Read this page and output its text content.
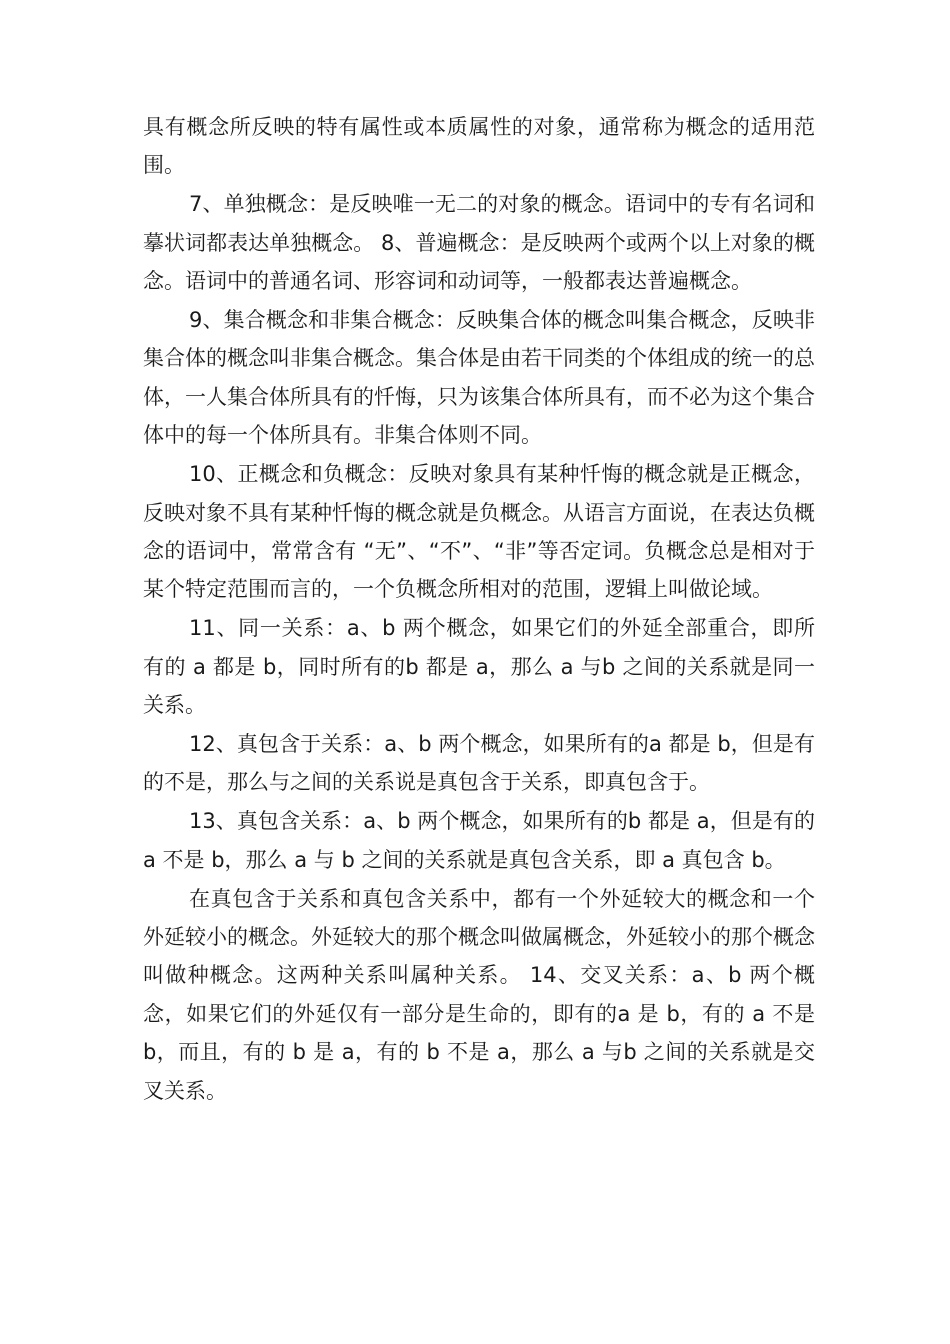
具有概念所反映的特有属性或本质属性的对象，通常称为概念的适用范围。

7、单独概念：是反映唯一无二的对象的概念。语词中的专有名词和摹状词都表达单独概念。 8、普遍概念：是反映两个或两个以上对象的概念。语词中的普通名词、形容词和动词等，一般都表达普遍概念。

9、集合概念和非集合概念：反映集合体的概念叫集合概念，反映非集合体的概念叫非集合概念。集合体是由若干同类的个体组成的统一的总体，一人集合体所具有的忏悔，只为该集合体所具有，而不必为这个集合体中的每一个体所具有。非集合体则不同。

10、正概念和负概念：反映对象具有某种忏悔的概念就是正概念，反映对象不具有某种忏悔的概念就是负概念。从语言方面说，在表达负概念的语词中，常常含有 “无”、“不”、“非”等否定词。负概念总是相对于某个特定范围而言的，一个负概念所相对的范围，逻辑上叫做论域。

11、同一关系：a、b 两个概念，如果它们的外延全部重合，即所有的 a 都是 b，同时所有的b 都是 a，那么 a 与b 之间的关系就是同一关系。

12、真包含于关系：a、b 两个概念，如果所有的a 都是 b，但是有的不是，那么与之间的关系说是真包含于关系，即真包含于。

13、真包含关系：a、b 两个概念，如果所有的b 都是 a，但是有的 a 不是 b，那么 a 与 b 之间的关系就是真包含关系，即 a 真包含 b。

在真包含于关系和真包含关系中，都有一个外延较大的概念和一个外延较小的概念。外延较大的那个概念叫做属概念，外延较小的那个概念叫做种概念。这两种关系叫属种关系。 14、交叉关系：a、b 两个概念，如果它们的外延仅有一部分是生命的，即有的a 是 b，有的 a 不是 b，而且，有的 b 是 a，有的 b 不是 a，那么 a 与b 之间的关系就是交叉关系。
